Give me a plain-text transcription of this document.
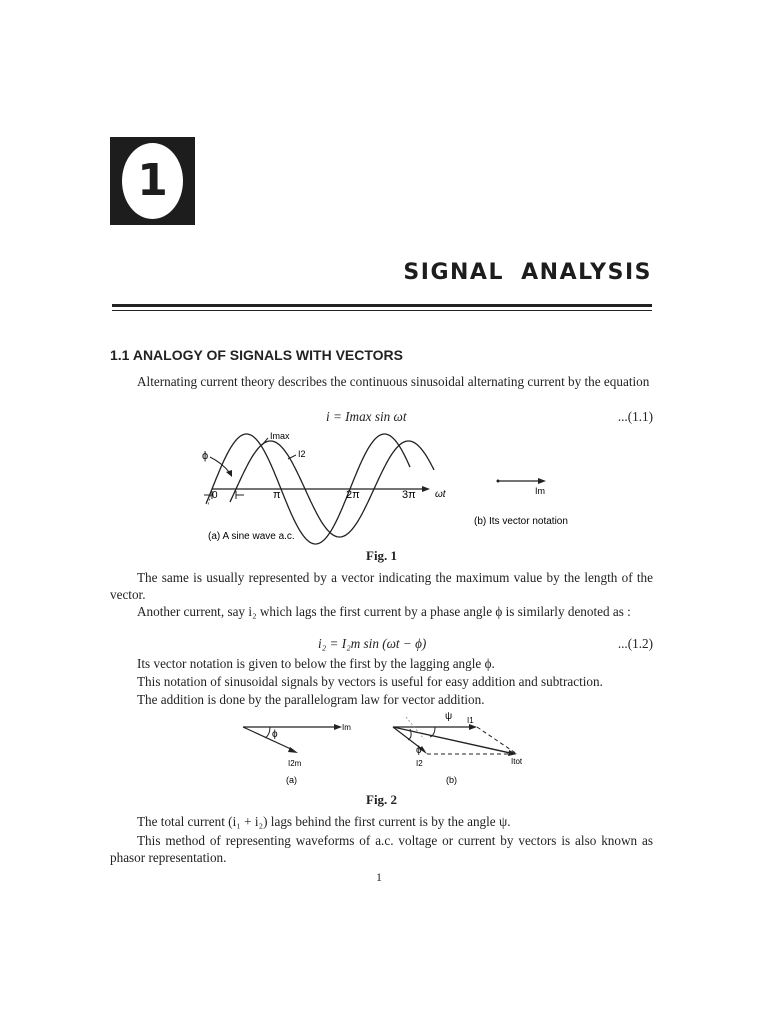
1
SIGNAL ANALYSIS
1.1 ANALOGY OF SIGNALS WITH VECTORS

Alternating current theory describes the continuous sinusoidal alternating current by the equation

i = Imax sin ωt	...(1.1)
ϕ
Imax
I2
0	π	2π	3π ωt	Im
(b) Its vector notation
(a) A sine wave a.c.
Fig. 1

The same is usually represented by a vector indicating the maximum value by the length of the vector.

Another current, say i₂ which lags the first current by a phase angle ϕ is similarly denoted as :

i₂ = I₂m sin (ωt − ϕ)	...(1.2)

Its vector notation is given to below the first by the lagging angle ϕ.

This notation of sinusoidal signals by vectors is useful for easy addition and subtraction.

The addition is done by the parallelogram law for vector addition.

ϕ
Im
I2m
(a)
ψ I1
ϕ
I2	Itot
(b)
Fig. 2

The total current (i₁ + i₂) lags behind the first current is by the angle ψ.

This method of representing waveforms of a.c. voltage or current by vectors is also known as phasor representation.

1
